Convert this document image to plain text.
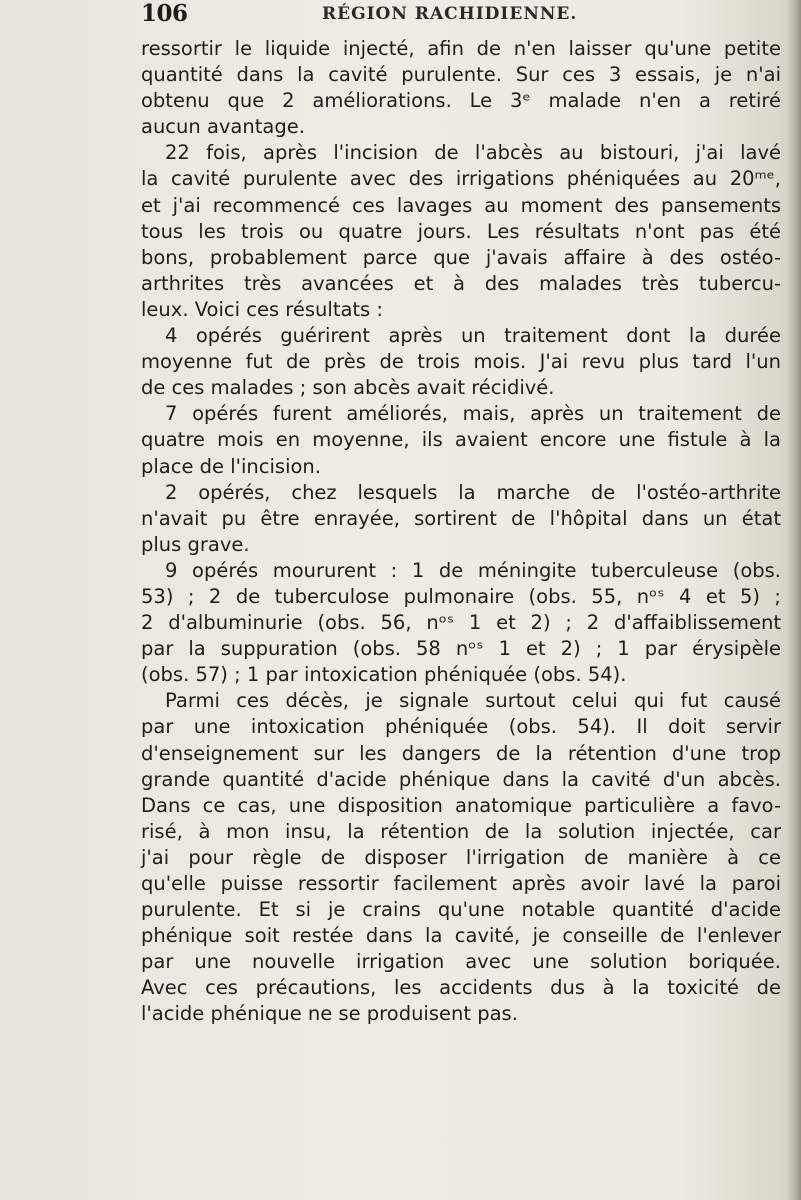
106	RÉGION RACHIDIENNE.
ressortir le liquide injecté, afin de n'en laisser qu'une petite
quantité dans la cavité purulente. Sur ces 3 essais, je n'ai
obtenu que 2 améliorations. Le 3ᵉ malade n'en a retiré
aucun avantage.
22 fois, après l'incision de l'abcès au bistouri, j'ai lavé
la cavité purulente avec des irrigations phéniquées au 20ᵐᵉ,
et j'ai recommencé ces lavages au moment des pansements
tous les trois ou quatre jours. Les résultats n'ont pas été
bons, probablement parce que j'avais affaire à des ostéo-
arthrites très avancées et à des malades très tubercu-
leux. Voici ces résultats :
4 opérés guérirent après un traitement dont la durée
moyenne fut de près de trois mois. J'ai revu plus tard l'un
de ces malades ; son abcès avait récidivé.
7 opérés furent améliorés, mais, après un traitement de
quatre mois en moyenne, ils avaient encore une fistule à la
place de l'incision.
2 opérés, chez lesquels la marche de l'ostéo-arthrite
n'avait pu être enrayée, sortirent de l'hôpital dans un état
plus grave.
9 opérés moururent : 1 de méningite tuberculeuse (obs.
53) ; 2 de tuberculose pulmonaire (obs. 55, nᵒˢ 4 et 5) ;
2 d'albuminurie (obs. 56, nᵒˢ 1 et 2) ; 2 d'affaiblissement
par la suppuration (obs. 58 nᵒˢ 1 et 2) ; 1 par érysipèle
(obs. 57) ; 1 par intoxication phéniquée (obs. 54).
Parmi ces décès, je signale surtout celui qui fut causé
par une intoxication phéniquée (obs. 54). Il doit servir
d'enseignement sur les dangers de la rétention d'une trop
grande quantité d'acide phénique dans la cavité d'un abcès.
Dans ce cas, une disposition anatomique particulière a favo-
risé, à mon insu, la rétention de la solution injectée, car
j'ai pour règle de disposer l'irrigation de manière à ce
qu'elle puisse ressortir facilement après avoir lavé la paroi
purulente. Et si je crains qu'une notable quantité d'acide
phénique soit restée dans la cavité, je conseille de l'enlever
par une nouvelle irrigation avec une solution boriquée.
Avec ces précautions, les accidents dus à la toxicité de
l'acide phénique ne se produisent pas.
